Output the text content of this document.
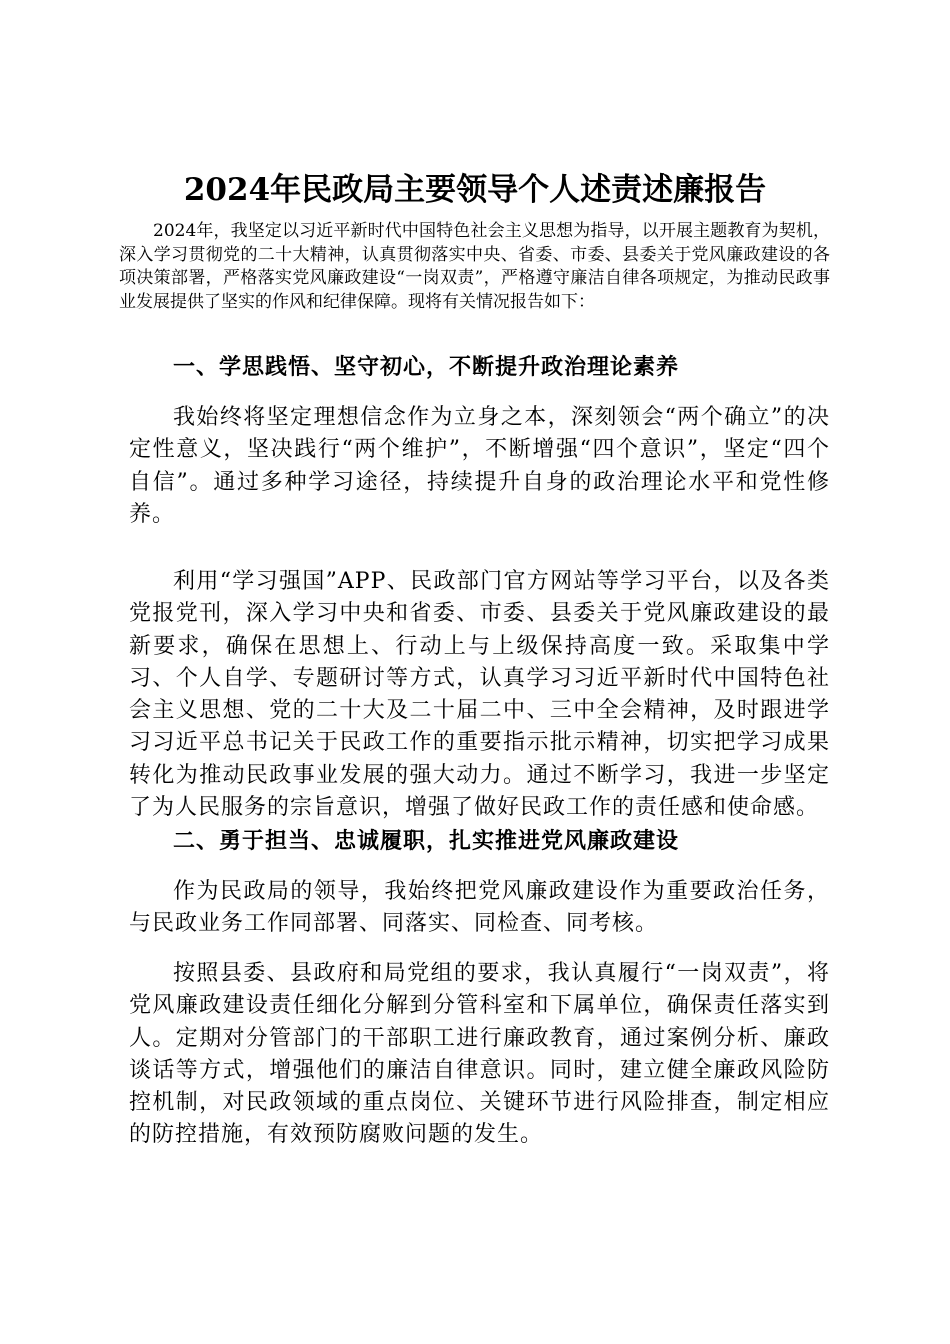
2024年民政局主要领导个人述责述廉报告

2024年，我坚定以习近平新时代中国特色社会主义思想为指导，以开展主题教育为契机，深入学习贯彻党的二十大精神，认真贯彻落实中央、省委、市委、县委关于党风廉政建设的各项决策部署，严格落实党风廉政建设“一岗双责”，严格遵守廉洁自律各项规定，为推动民政事业发展提供了坚实的作风和纪律保障。现将有关情况报告如下：

一、学思践悟、坚守初心，不断提升政治理论素养

我始终将坚定理想信念作为立身之本，深刻领会“两个确立”的决定性意义，坚决践行“两个维护”，不断增强“四个意识”，坚定“四个自信”。通过多种学习途径，持续提升自身的政治理论水平和党性修养。

利用“学习强国”APP、民政部门官方网站等学习平台，以及各类党报党刊，深入学习中央和省委、市委、县委关于党风廉政建设的最新要求，确保在思想上、行动上与上级保持高度一致。采取集中学习、个人自学、专题研讨等方式，认真学习习近平新时代中国特色社会主义思想、党的二十大及二十届二中、三中全会精神，及时跟进学习习近平总书记关于民政工作的重要指示批示精神，切实把学习成果转化为推动民政事业发展的强大动力。通过不断学习，我进一步坚定了为人民服务的宗旨意识，增强了做好民政工作的责任感和使命感。

二、勇于担当、忠诚履职，扎实推进党风廉政建设

作为民政局的领导，我始终把党风廉政建设作为重要政治任务，与民政业务工作同部署、同落实、同检查、同考核。

按照县委、县政府和局党组的要求，我认真履行“一岗双责”，将党风廉政建设责任细化分解到分管科室和下属单位，确保责任落实到人。定期对分管部门的干部职工进行廉政教育，通过案例分析、廉政谈话等方式，增强他们的廉洁自律意识。同时，建立健全廉政风险防控机制，对民政领域的重点岗位、关键环节进行风险排查，制定相应的防控措施，有效预防腐败问题的发生。
